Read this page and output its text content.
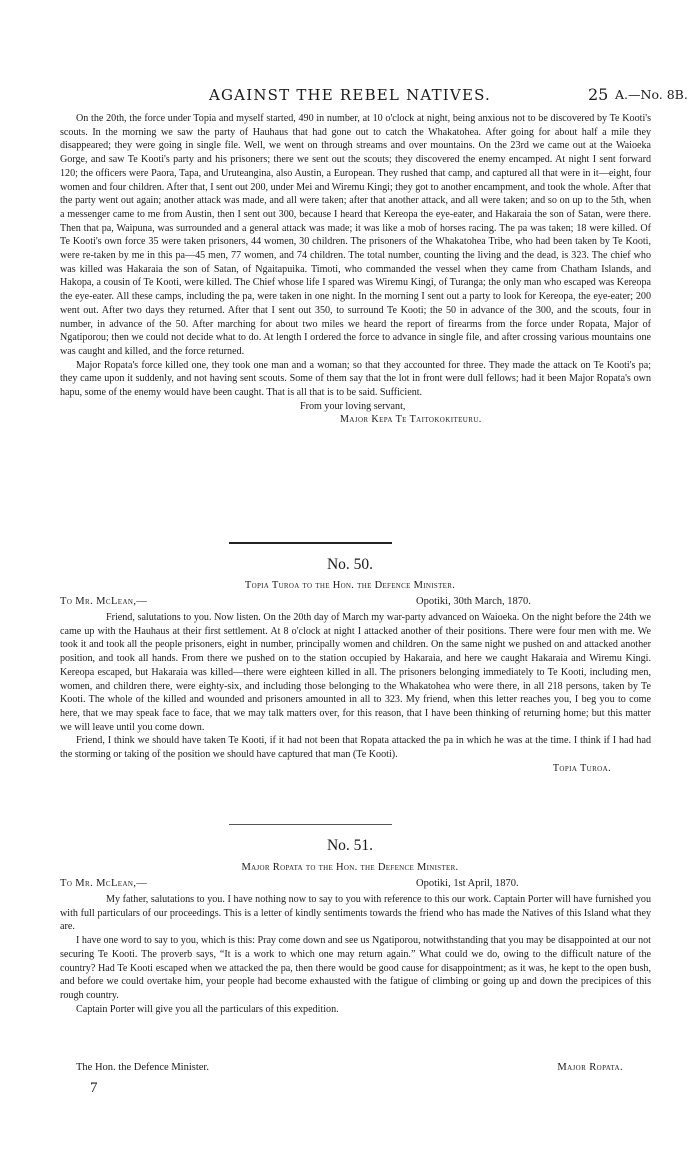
AGAINST THE REBEL NATIVES.	25 A.—No. 8B.

On the 20th, the force under Topia and myself started, 490 in number, at 10 o'clock at night, being anxious not to be discovered by Te Kooti's scouts. In the morning we saw the party of Hauhaus that had gone out to catch the Whakatohea. After going for about half a mile they disappeared; they were going in single file. Well, we went on through streams and over mountains. On the 23rd we came out at the Waioeka Gorge, and saw Te Kooti's party and his prisoners; there we sent out the scouts; they discovered the enemy encamped. At night I sent forward 120; the officers were Paora, Tapa, and Uruteangina, also Austin, a European. They rushed that camp, and captured all that were in it—eight, four women and four children. After that, I sent out 200, under Mei and Wiremu Kingi; they got to another encampment, and took the whole. After that the party went out again; another attack was made, and all were taken; after that another attack, and all were taken; and so on up to the 5th, when a messenger came to me from Austin, then I sent out 300, because I heard that Kereopa the eye-eater, and Hakaraia the son of Satan, were there. Then that pa, Waipuna, was surrounded and a general attack was made; it was like a mob of horses racing. The pa was taken; 18 were killed. Of Te Kooti's own force 35 were taken prisoners, 44 women, 30 children. The prisoners of the Whakatohea Tribe, who had been taken by Te Kooti, were re-taken by me in this pa—45 men, 77 women, and 74 children. The total number, counting the living and the dead, is 323. The chief who was killed was Hakaraia the son of Satan, of Ngaitapuika. Timoti, who commanded the vessel when they came from Chatham Islands, and Hakopa, a cousin of Te Kooti, were killed. The Chief whose life I spared was Wiremu Kingi, of Turanga; the only man who escaped was Kereopa the eye-eater. All these camps, including the pa, were taken in one night. In the morning I sent out a party to look for Kereopa, the eye-eater; 200 went out. After two days they returned. After that I sent out 350, to surround Te Kooti; the 50 in advance of the 300, and the scouts, four in number, in advance of the 50. After marching for about two miles we heard the report of firearms from the force under Ropata, Major of Ngatiporou; then we could not decide what to do. At length I ordered the force to advance in single file, and after crossing various mountains one was caught and killed, and the force returned.

Major Ropata's force killed one, they took one man and a woman; so that they accounted for three. They made the attack on Te Kooti's pa; they came upon it suddenly, and not having sent scouts. Some of them say that the lot in front were dull fellows; had it been Major Ropata's own hapu, some of the enemy would have been caught. That is all that is to be said. Sufficient.

From your loving servant,

Major Kepa Te Taitokokiteuru.

No. 50.
Topia Turoa to the Hon. the Defence Minister.
To Mr. McLean,—	Opotiki, 30th March, 1870.

Friend, salutations to you. Now listen. On the 20th day of March my war-party advanced on Waioeka. On the night before the 24th we came up with the Hauhaus at their first settlement. At 8 o'clock at night I attacked another of their positions. There were four men with me. We took it and took all the people prisoners, eight in number, principally women and children. On the same night we pushed on and attacked another position, and took all hands. From there we pushed on to the station occupied by Hakaraia, and here we caught Hakaraia and Wiremu Kingi. Kereopa escaped, but Hakaraia was killed—there were eighteen killed in all. The prisoners belonging immediately to Te Kooti, including men, women, and children there, were eighty-six, and including those belonging to the Whakatohea who were there, in all 218 persons, taken by Te Kooti. The whole of the killed and wounded and prisoners amounted in all to 323. My friend, when this letter reaches you, I beg you to come here, that we may speak face to face, that we may talk matters over, for this reason, that I have been thinking of returning home; but this matter we will leave until you come down.

Friend, I think we should have taken Te Kooti, if it had not been that Ropata attacked the pa in which he was at the time. I think if I had had the storming or taking of the position we should have captured that man (Te Kooti).

Topia Turoa.

No. 51.
Major Ropata to the Hon. the Defence Minister.
To Mr. McLean,—	Opotiki, 1st April, 1870.

My father, salutations to you. I have nothing now to say to you with reference to this our work. Captain Porter will have furnished you with full particulars of our proceedings. This is a letter of kindly sentiments towards the friend who has made the Natives of this Island what they are.

I have one word to say to you, which is this: Pray come down and see us Ngatiporou, notwithstanding that you may be disappointed at our not securing Te Kooti. The proverb says, “It is a work to which one may return again.” What could we do, owing to the difficult nature of the country? Had Te Kooti escaped when we attacked the pa, then there would be good cause for disappointment; as it was, he kept to the open bush, and before we could overtake him, your people had become exhausted with the fatigue of climbing or going up and down the precipices of this rough country.

Captain Porter will give you all the particulars of this expedition.

The Hon. the Defence Minister.	Major Ropata.
7
